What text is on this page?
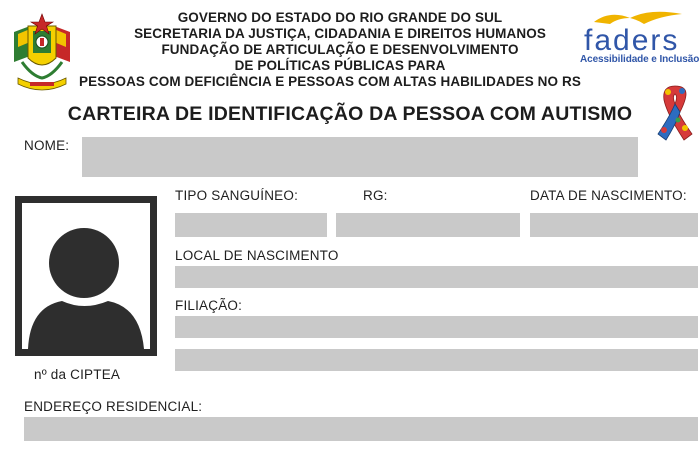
GOVERNO DO ESTADO DO RIO GRANDE DO SUL
SECRETARIA DA JUSTIÇA, CIDADANIA E DIREITOS HUMANOS
FUNDAÇÃO DE ARTICULAÇÃO E DESENVOLVIMENTO
DE POLÍTICAS PÚBLICAS PARA
PESSOAS COM DEFICIÊNCIA E PESSOAS COM ALTAS HABILIDADES NO RS
faders
Acessibilidade e Inclusão
CARTEIRA DE IDENTIFICAÇÃO DA PESSOA COM AUTISMO
NOME:
nº da CIPTEA
TIPO SANGUÍNEO:	RG:	DATA DE NASCIMENTO:
LOCAL DE NASCIMENTO
FILIAÇÃO:
ENDEREÇO RESIDENCIAL:
